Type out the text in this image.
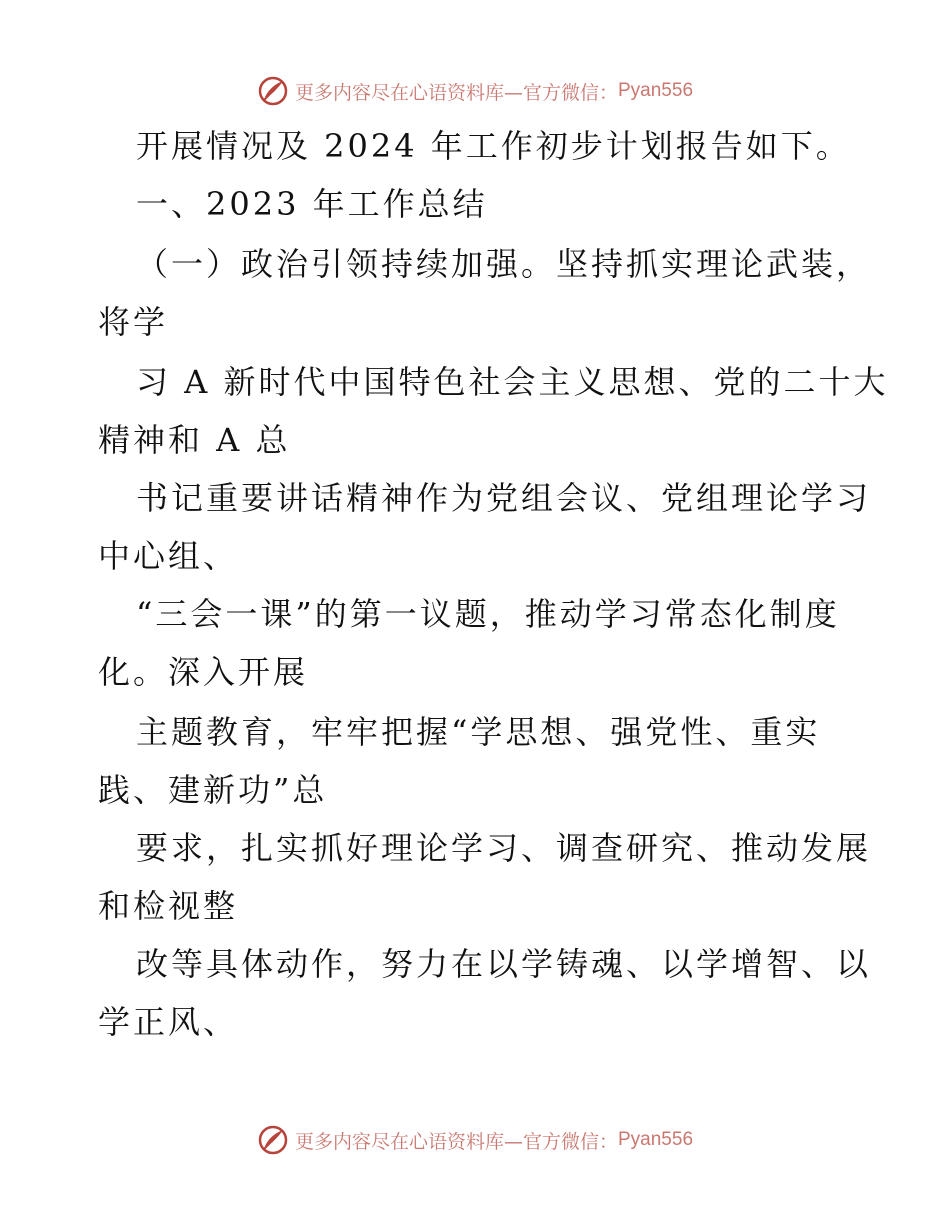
更多内容尽在心语资料库—官方微信： Pyan556
开展情况及 2024 年工作初步计划报告如下。
一、2023 年工作总结
（一）政治引领持续加强。坚持抓实理论武装，
将学
习 A 新时代中国特色社会主义思想、党的二十大
精神和 A 总
书记重要讲话精神作为党组会议、党组理论学习
中心组、
“三会一课”的第一议题，推动学习常态化制度
化。深入开展
主题教育，牢牢把握“学思想、强党性、重实
践、建新功”总
要求，扎实抓好理论学习、调查研究、推动发展
和检视整
改等具体动作，努力在以学铸魂、以学增智、以
学正风、
更多内容尽在心语资料库—官方微信： Pyan556
